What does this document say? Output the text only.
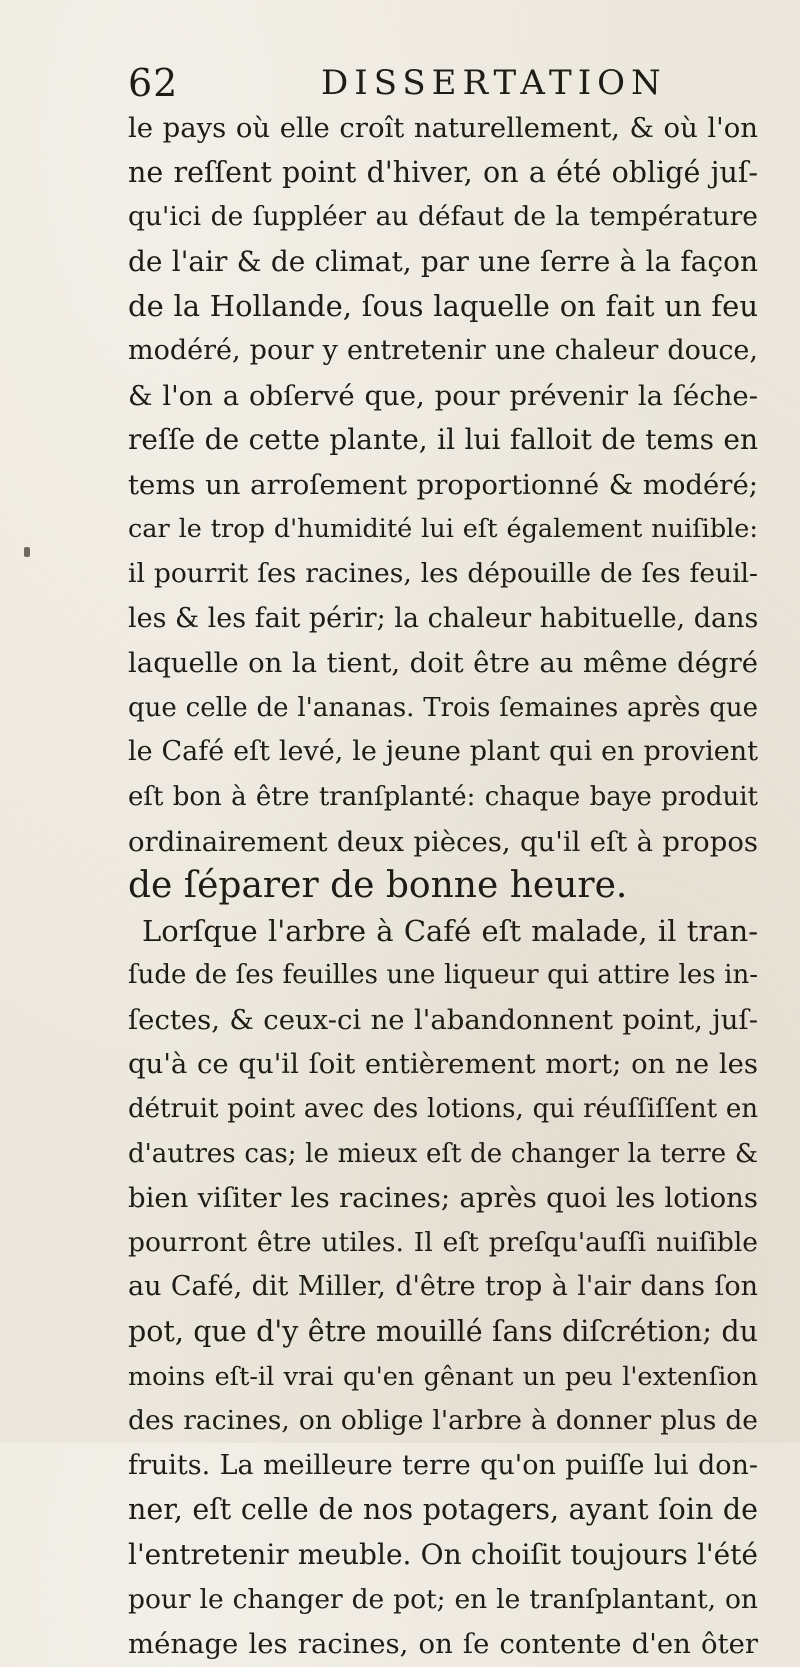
62	DISSERTATION
le pays où elle croît naturellement, & où l'on
ne reſſent point d'hiver, on a été obligé juſ-
qu'ici de ſuppléer au défaut de la température
de l'air & de climat, par une ſerre à la façon
de la Hollande, ſous laquelle on fait un feu
modéré, pour y entretenir une chaleur douce,
& l'on a obſervé que, pour prévenir la ſéche-
reſſe de cette plante, il lui falloit de tems en
tems un arroſement proportionné & modéré;
car le trop d'humidité lui eſt également nuiſible:
il pourrit ſes racines, les dépouille de ſes feuil-
les & les fait périr; la chaleur habituelle, dans
laquelle on la tient, doit être au même dégré
que celle de l'ananas. Trois ſemaines après que
le Café eſt levé, le jeune plant qui en provient
eſt bon à être tranſplanté: chaque baye produit
ordinairement deux pièces, qu'il eſt à propos
de ſéparer de bonne heure.
Lorſque l'arbre à Café eſt malade, il tran-
ſude de ſes feuilles une liqueur qui attire les in-
ſectes, & ceux-ci ne l'abandonnent point, juſ-
qu'à ce qu'il ſoit entièrement mort; on ne les
détruit point avec des lotions, qui réuſſiſſent en
d'autres cas; le mieux eſt de changer la terre &
bien viſiter les racines; après quoi les lotions
pourront être utiles. Il eſt preſqu'auſſi nuiſible
au Café, dit Miller, d'être trop à l'air dans ſon
pot, que d'y être mouillé ſans diſcrétion; du
moins eſt-il vrai qu'en gênant un peu l'extenſion
des racines, on oblige l'arbre à donner plus de
fruits. La meilleure terre qu'on puiſſe lui don-
ner, eſt celle de nos potagers, ayant ſoin de
l'entretenir meuble. On choiſit toujours l'été
pour le changer de pot; en le tranſplantant, on
ménage les racines, on ſe contente d'en ôter
